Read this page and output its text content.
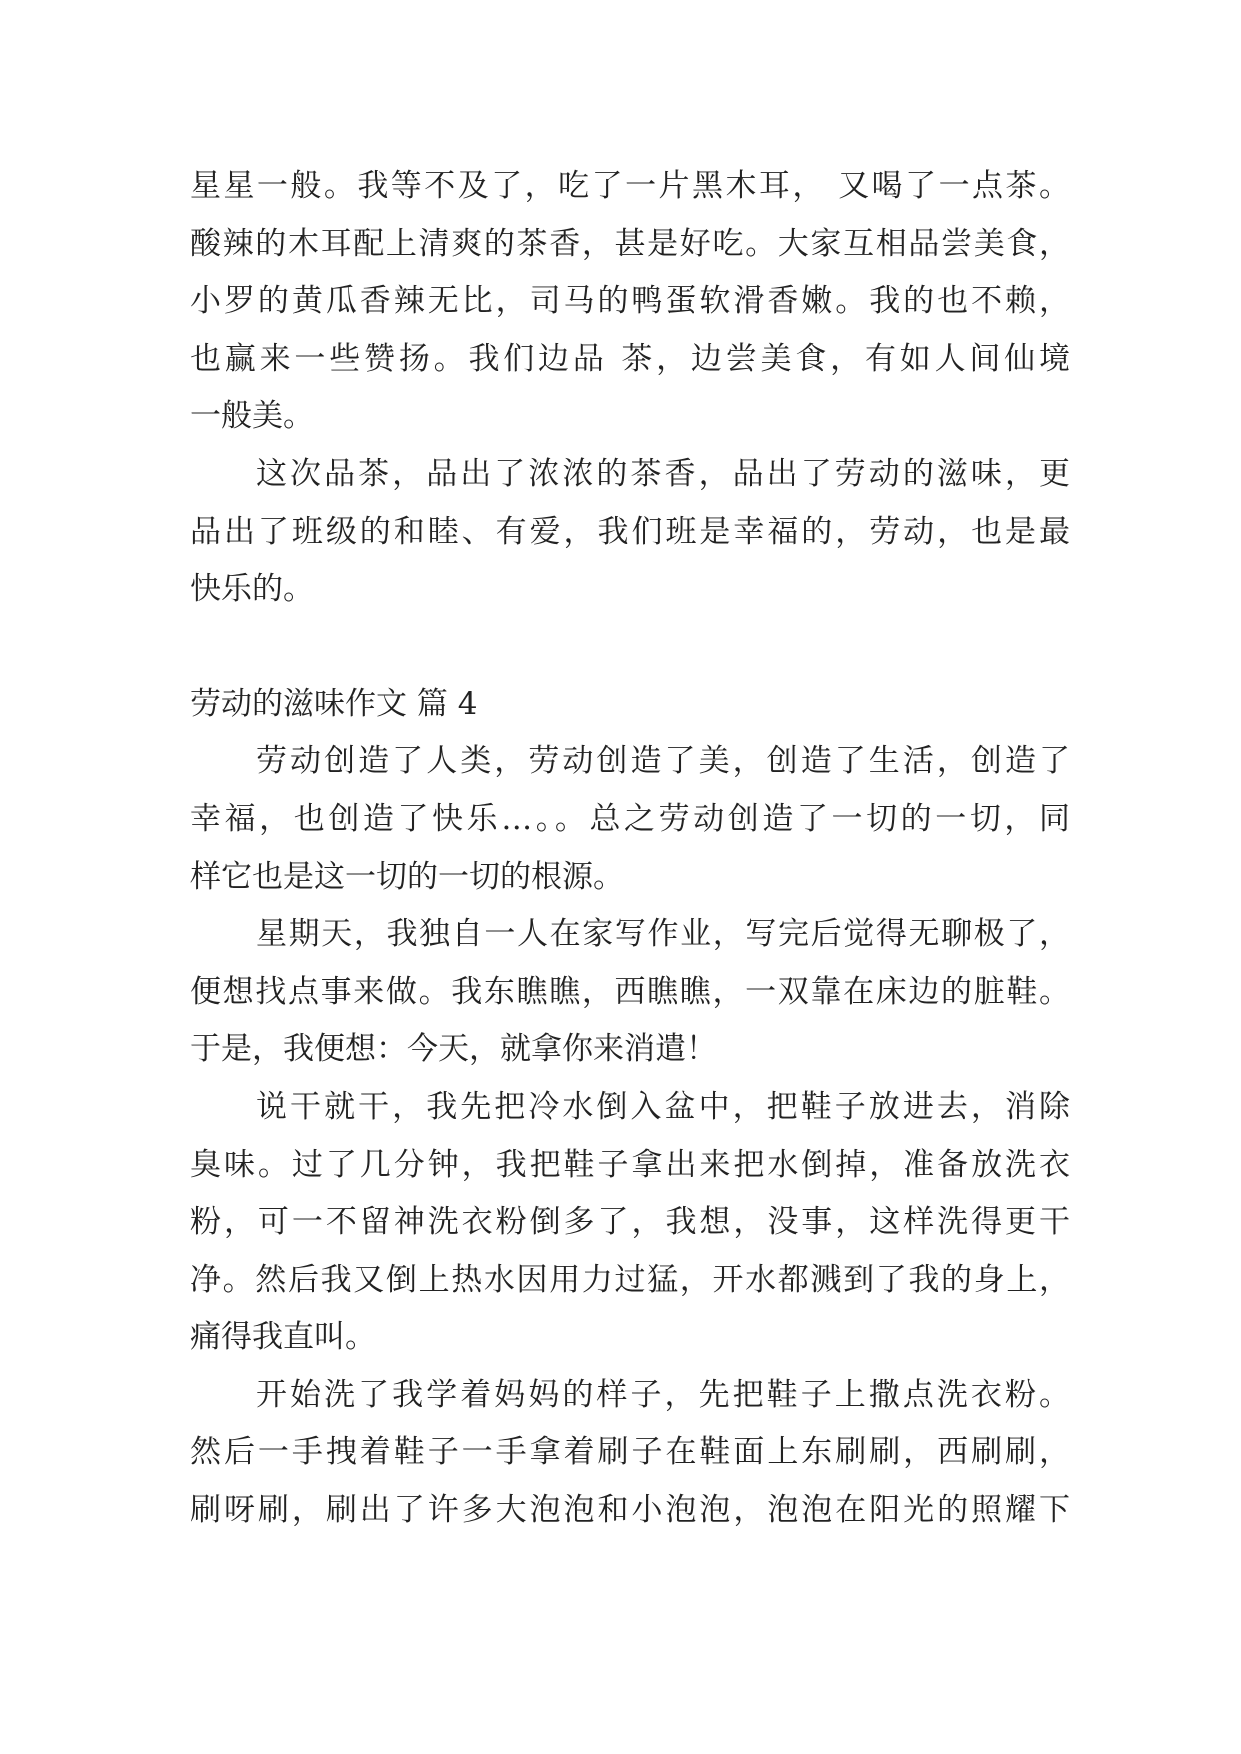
星星一般。我等不及了，吃了一片黑木耳， 又喝了一点茶。
酸辣的木耳配上清爽的茶香，甚是好吃。大家互相品尝美食，
小罗的黄瓜香辣无比，司马的鸭蛋软滑香嫩。我的也不赖，
也赢来一些赞扬。我们边品 茶，边尝美食，有如人间仙境
一般美。
这次品茶，品出了浓浓的茶香，品出了劳动的滋味，更
品出了班级的和睦、有爱，我们班是幸福的，劳动，也是最
快乐的。
劳动的滋味作文 篇 4
劳动创造了人类，劳动创造了美，创造了生活，创造了
幸福，也创造了快乐…。。总之劳动创造了一切的一切，同
样它也是这一切的一切的根源。
星期天，我独自一人在家写作业，写完后觉得无聊极了，
便想找点事来做。我东瞧瞧，西瞧瞧，一双靠在床边的脏鞋。
于是，我便想：今天，就拿你来消遣！
说干就干，我先把冷水倒入盆中，把鞋子放进去，消除
臭味。过了几分钟，我把鞋子拿出来把水倒掉，准备放洗衣
粉，可一不留神洗衣粉倒多了，我想，没事，这样洗得更干
净。然后我又倒上热水因用力过猛，开水都溅到了我的身上，
痛得我直叫。
开始洗了我学着妈妈的样子，先把鞋子上撒点洗衣粉。
然后一手拽着鞋子一手拿着刷子在鞋面上东刷刷，西刷刷，
刷呀刷，刷出了许多大泡泡和小泡泡，泡泡在阳光的照耀下
